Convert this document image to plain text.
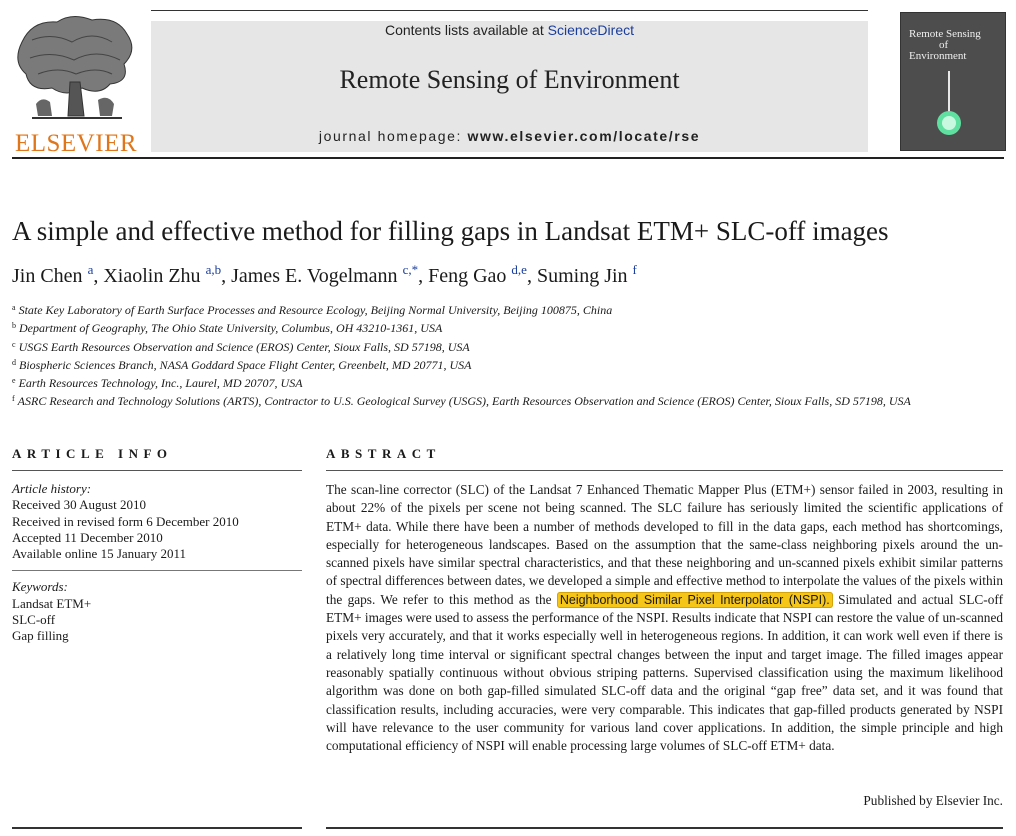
ELSEVIER
Contents lists available at ScienceDirect
Remote Sensing of Environment
journal homepage: www.elsevier.com/locate/rse
Remote Sensing
of
Environment
A simple and effective method for filling gaps in Landsat ETM+ SLC-off images
Jin Chen $^a$, Xiaolin Zhu $^{a,b}$, James E. Vogelmann $^{c,*}$, Feng Gao $^{d,e}$, Suming Jin $^f$
$^a$ State Key Laboratory of Earth Surface Processes and Resource Ecology, Beijing Normal University, Beijing 100875, China
$^b$ Department of Geography, The Ohio State University, Columbus, OH 43210-1361, USA
$^c$ USGS Earth Resources Observation and Science (EROS) Center, Sioux Falls, SD 57198, USA
$^d$ Biospheric Sciences Branch, NASA Goddard Space Flight Center, Greenbelt, MD 20771, USA
$^e$ Earth Resources Technology, Inc., Laurel, MD 20707, USA
$^f$ ASRC Research and Technology Solutions (ARTS), Contractor to U.S. Geological Survey (USGS), Earth Resources Observation and Science (EROS) Center, Sioux Falls, SD 57198, USA
ARTICLE INFO
Article history:
Received 30 August 2010
Received in revised form 6 December 2010
Accepted 11 December 2010
Available online 15 January 2011
Keywords:
Landsat ETM+
SLC-off
Gap filling
ABSTRACT
The scan-line corrector (SLC) of the Landsat 7 Enhanced Thematic Mapper Plus (ETM+) sensor failed in 2003, resulting in about 22% of the pixels per scene not being scanned. The SLC failure has seriously limited the scientific applications of ETM+ data. While there have been a number of methods developed to fill in the data gaps, each method has shortcomings, especially for heterogeneous landscapes. Based on the assumption that the same-class neighboring pixels around the un-scanned pixels have similar spectral characteristics, and that these neighboring and un-scanned pixels exhibit similar patterns of spectral differences between dates, we developed a simple and effective method to interpolate the values of the pixels within the gaps. We refer to this method as the Neighborhood Similar Pixel Interpolator (NSPI). Simulated and actual SLC-off ETM+ images were used to assess the performance of the NSPI. Results indicate that NSPI can restore the value of un-scanned pixels very accurately, and that it works especially well in heterogeneous regions. In addition, it can work well even if there is a relatively long time interval or significant spectral changes between the input and target image. The filled images appear reasonably spatially continuous without obvious striping patterns. Supervised classification using the maximum likelihood algorithm was done on both gap-filled simulated SLC-off data and the original “gap free” data set, and it was found that classification results, including accuracies, were very comparable. This indicates that gap-filled products generated by NSPI will have relevance to the user community for various land cover applications. In addition, the simple principle and high computational efficiency of NSPI will enable processing large volumes of SLC-off ETM+ data.
Published by Elsevier Inc.
